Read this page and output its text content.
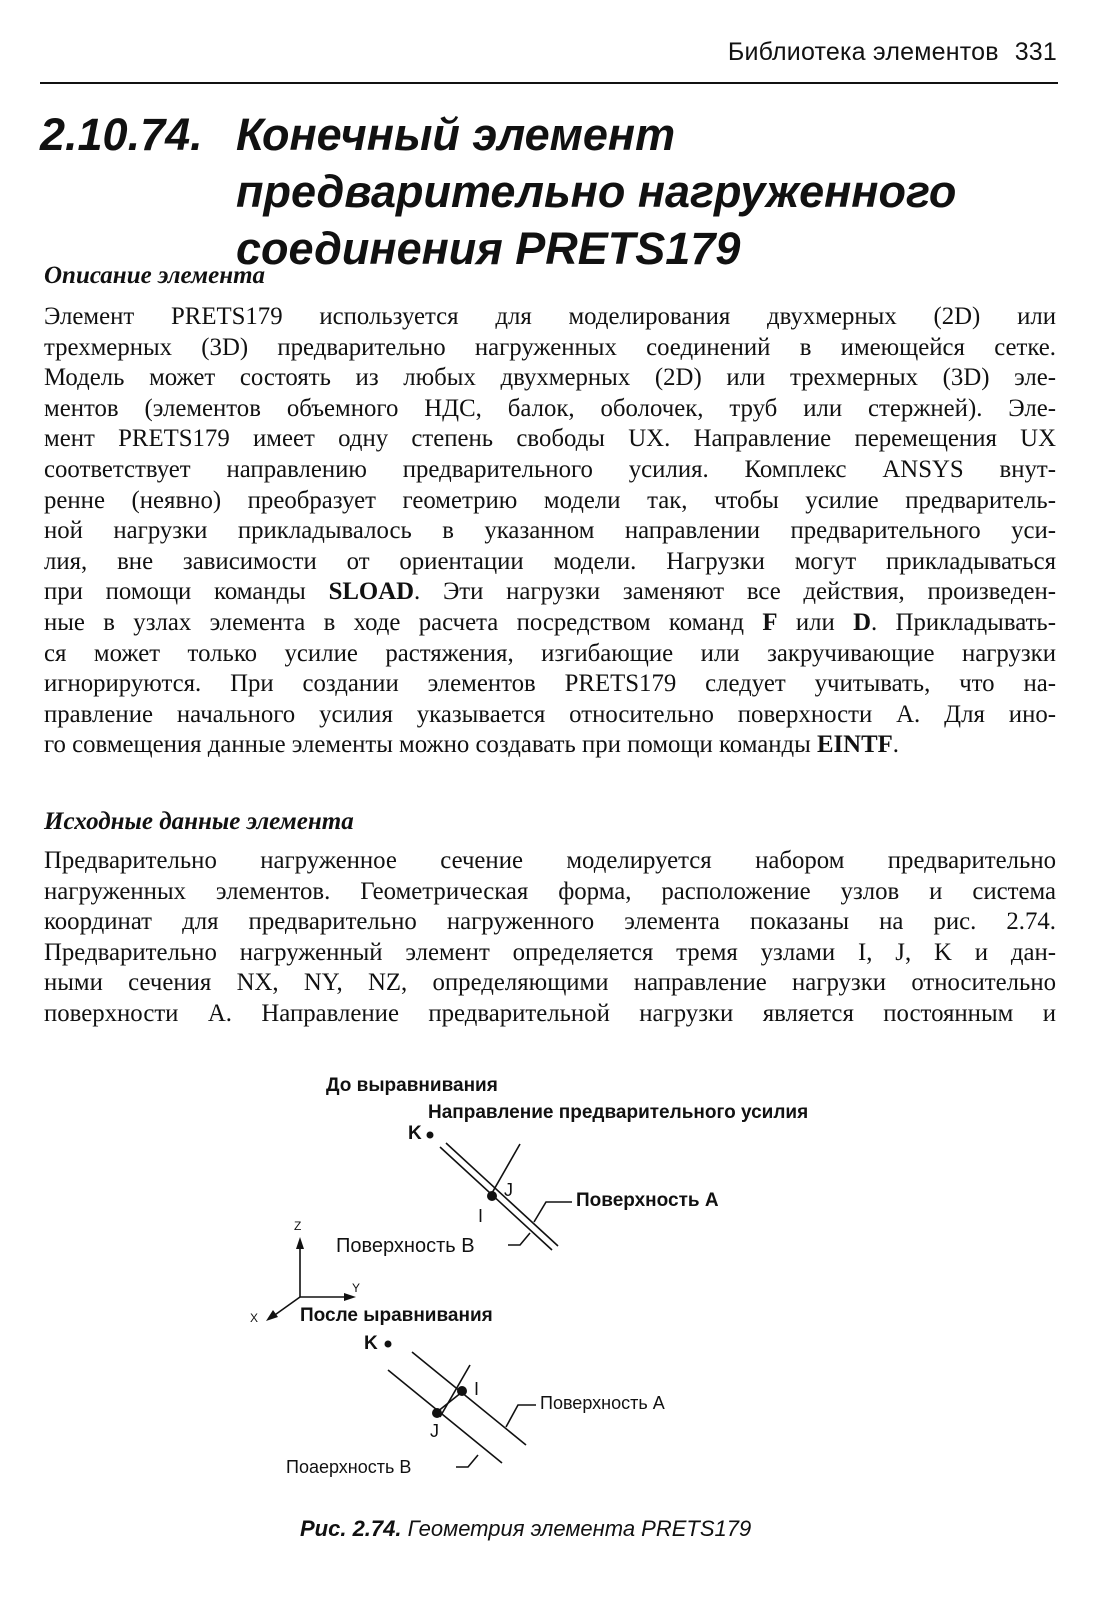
Библиотека элементов 331
2.10.74. Конечный элемент
предварительно нагруженного
соединения PRETS179
Описание элемента
Элемент PRETS179 используется для моделирования двухмерных (2D) или
трехмерных (3D) предварительно нагруженных соединений в имеющейся сетке.
Модель может состоять из любых двухмерных (2D) или трехмерных (3D) эле-
ментов (элементов объемного НДС, балок, оболочек, труб или стержней). Эле-
мент PRETS179 имеет одну степень свободы UX. Направление перемещения UX
соответствует направлению предварительного усилия. Комплекс ANSYS внут-
ренне (неявно) преобразует геометрию модели так, чтобы усилие предваритель-
ной нагрузки прикладывалось в указанном направлении предварительного уси-
лия, вне зависимости от ориентации модели. Нагрузки могут прикладываться
при помощи команды SLOAD. Эти нагрузки заменяют все действия, произведен-
ные в узлах элемента в ходе расчета посредством команд F или D. Прикладывать-
ся может только усилие растяжения, изгибающие или закручивающие нагрузки
игнорируются. При создании элементов PRETS179 следует учитывать, что на-
правление начального усилия указывается относительно поверхности A. Для ино-
го совмещения данные элементы можно создавать при помощи команды EINTF.
Исходные данные элемента
Предварительно нагруженное сечение моделируется набором предварительно
нагруженных элементов. Геометрическая форма, расположение узлов и система
координат для предварительно нагруженного элемента показаны на рис. 2.74.
Предварительно нагруженный элемент определяется тремя узлами I, J, K и дан-
ными сечения NX, NY, NZ, определяющими направление нагрузки относительно
поверхности A. Направление предварительной нагрузки является постоянным и
До выравнивания
Направление предварительного усилия
K
J
I
Поверхность A
Поверхность B
Z
Y
X После ыравнивания
K
I
J
Поверхность A
Поаерхность B
Рис. 2.74. Геометрия элемента PRETS179
